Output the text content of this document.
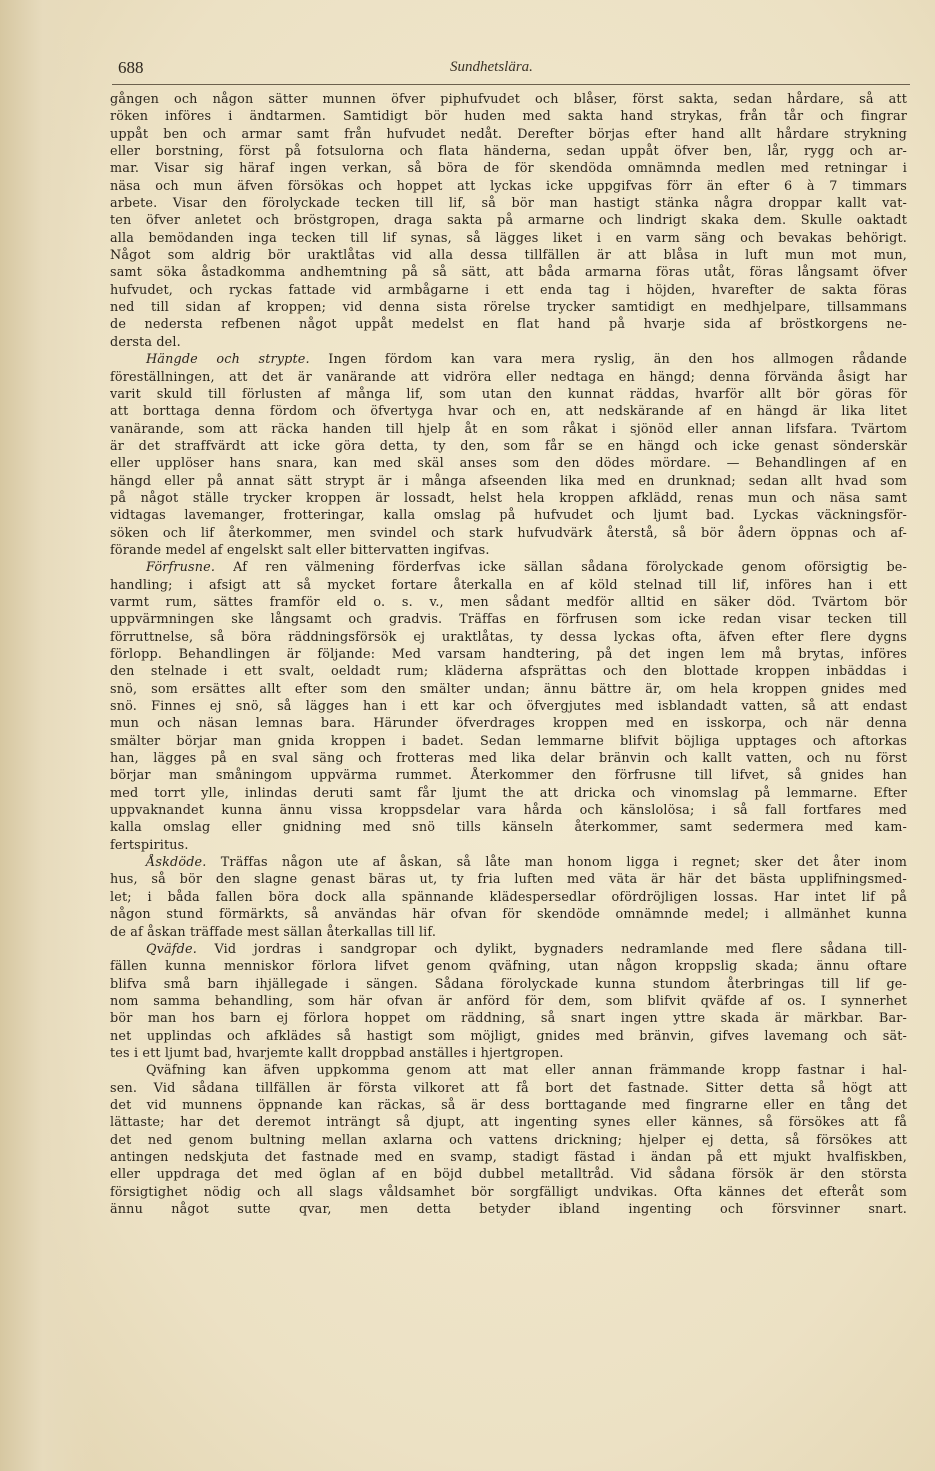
688	Sundhetslära.
gången och någon sätter munnen öfver piphufvudet och blåser, först sakta, sedan hårdare, så att
röken införes i ändtarmen. Samtidigt bör huden med sakta hand strykas, från tår och fingrar
uppåt ben och armar samt från hufvudet nedåt. Derefter börjas efter hand allt hårdare strykning
eller borstning, först på fotsulorna och flata händerna, sedan uppåt öfver ben, lår, rygg och ar-
mar. Visar sig häraf ingen verkan, så böra de för skendöda omnämnda medlen med retningar i
näsa och mun äfven försökas och hoppet att lyckas icke uppgifvas förr än efter 6 à 7 timmars
arbete. Visar den förolyckade tecken till lif, så bör man hastigt stänka några droppar kallt vat-
ten öfver anletet och bröstgropen, draga sakta på armarne och lindrigt skaka dem. Skulle oaktadt
alla bemödanden inga tecken till lif synas, så lägges liket i en varm säng och bevakas behörigt.
Något som aldrig bör uraktlåtas vid alla dessa tillfällen är att blåsa in luft mun mot mun,
samt söka åstadkomma andhemtning på så sätt, att båda armarna föras utåt, föras långsamt öfver
hufvudet, och ryckas fattade vid armbågarne i ett enda tag i höjden, hvarefter de sakta föras
ned till sidan af kroppen; vid denna sista rörelse trycker samtidigt en medhjelpare, tillsammans
de nedersta refbenen något uppåt medelst en flat hand på hvarje sida af bröstkorgens ne-
dersta del.
Hängde och strypte. Ingen fördom kan vara mera ryslig, än den hos allmogen rådande
föreställningen, att det är vanärande att vidröra eller nedtaga en hängd; denna förvända åsigt har
varit skuld till förlusten af många lif, som utan den kunnat räddas, hvarför allt bör göras för
att borttaga denna fördom och öfvertyga hvar och en, att nedskärande af en hängd är lika litet
vanärande, som att räcka handen till hjelp åt en som råkat i sjönöd eller annan lifsfara. Tvärtom
är det straffvärdt att icke göra detta, ty den, som får se en hängd och icke genast sönderskär
eller upplöser hans snara, kan med skäl anses som den dödes mördare. — Behandlingen af en
hängd eller på annat sätt strypt är i många afseenden lika med en drunknad; sedan allt hvad som
på något ställe trycker kroppen är lossadt, helst hela kroppen afklädd, renas mun och näsa samt
vidtagas lavemanger, frotteringar, kalla omslag på hufvudet och ljumt bad. Lyckas väckningsför-
söken och lif återkommer, men svindel och stark hufvudvärk återstå, så bör ådern öppnas och af-
förande medel af engelskt salt eller bittervatten ingifvas.
Förfrusne. Af ren välmening förderfvas icke sällan sådana förolyckade genom oförsigtig be-
handling; i afsigt att så mycket fortare återkalla en af köld stelnad till lif, införes han i ett
varmt rum, sättes framför eld o. s. v., men sådant medför alltid en säker död. Tvärtom bör
uppvärmningen ske långsamt och gradvis. Träffas en förfrusen som icke redan visar tecken till
förruttnelse, så böra räddningsförsök ej uraktlåtas, ty dessa lyckas ofta, äfven efter flere dygns
förlopp. Behandlingen är följande: Med varsam handtering, på det ingen lem må brytas, införes
den stelnade i ett svalt, oeldadt rum; kläderna afsprättas och den blottade kroppen inbäddas i
snö, som ersättes allt efter som den smälter undan; ännu bättre är, om hela kroppen gnides med
snö. Finnes ej snö, så lägges han i ett kar och öfvergjutes med isblandadt vatten, så att endast
mun och näsan lemnas bara. Härunder öfverdrages kroppen med en isskorpa, och när denna
smälter börjar man gnida kroppen i badet. Sedan lemmarne blifvit böjliga upptages och aftorkas
han, lägges på en sval säng och frotteras med lika delar bränvin och kallt vatten, och nu först
börjar man småningom uppvärma rummet. Återkommer den förfrusne till lifvet, så gnides han
med torrt ylle, inlindas deruti samt får ljumt the att dricka och vinomslag på lemmarne. Efter
uppvaknandet kunna ännu vissa kroppsdelar vara hårda och känslolösa; i så fall fortfares med
kalla omslag eller gnidning med snö tills känseln återkommer, samt sedermera med kam-
fertspiritus.
Åskdöde. Träffas någon ute af åskan, så låte man honom ligga i regnet; sker det åter inom
hus, så bör den slagne genast bäras ut, ty fria luften med väta är här det bästa upplifningsmed-
let; i båda fallen böra dock alla spännande klädespersedlar ofördröjligen lossas. Har intet lif på
någon stund förmärkts, så användas här ofvan för skendöde omnämnde medel; i allmänhet kunna
de af åskan träffade mest sällan återkallas till lif.
Qväfde. Vid jordras i sandgropar och dylikt, bygnaders nedramlande med flere sådana till-
fällen kunna menniskor förlora lifvet genom qväfning, utan någon kroppslig skada; ännu oftare
blifva små barn ihjällegade i sängen. Sådana förolyckade kunna stundom återbringas till lif ge-
nom samma behandling, som här ofvan är anförd för dem, som blifvit qväfde af os. I synnerhet
bör man hos barn ej förlora hoppet om räddning, så snart ingen yttre skada är märkbar. Bar-
net upplindas och afklädes så hastigt som möjligt, gnides med bränvin, gifves lavemang och sät-
tes i ett ljumt bad, hvarjemte kallt droppbad anställes i hjertgropen.
Qväfning kan äfven uppkomma genom att mat eller annan främmande kropp fastnar i hal-
sen. Vid sådana tillfällen är första vilkoret att få bort det fastnade. Sitter detta så högt att
det vid munnens öppnande kan räckas, så är dess borttagande med fingrarne eller en tång det
lättaste; har det deremot inträngt så djupt, att ingenting synes eller kännes, så försökes att få
det ned genom bultning mellan axlarna och vattens drickning; hjelper ej detta, så försökes att
antingen nedskjuta det fastnade med en svamp, stadigt fästad i ändan på ett mjukt hvalfiskben,
eller uppdraga det med öglan af en böjd dubbel metalltråd. Vid sådana försök är den största
försigtighet nödig och all slags våldsamhet bör sorgfälligt undvikas. Ofta kännes det efteråt som
ännu något sutte qvar, men detta betyder ibland ingenting och försvinner snart.
